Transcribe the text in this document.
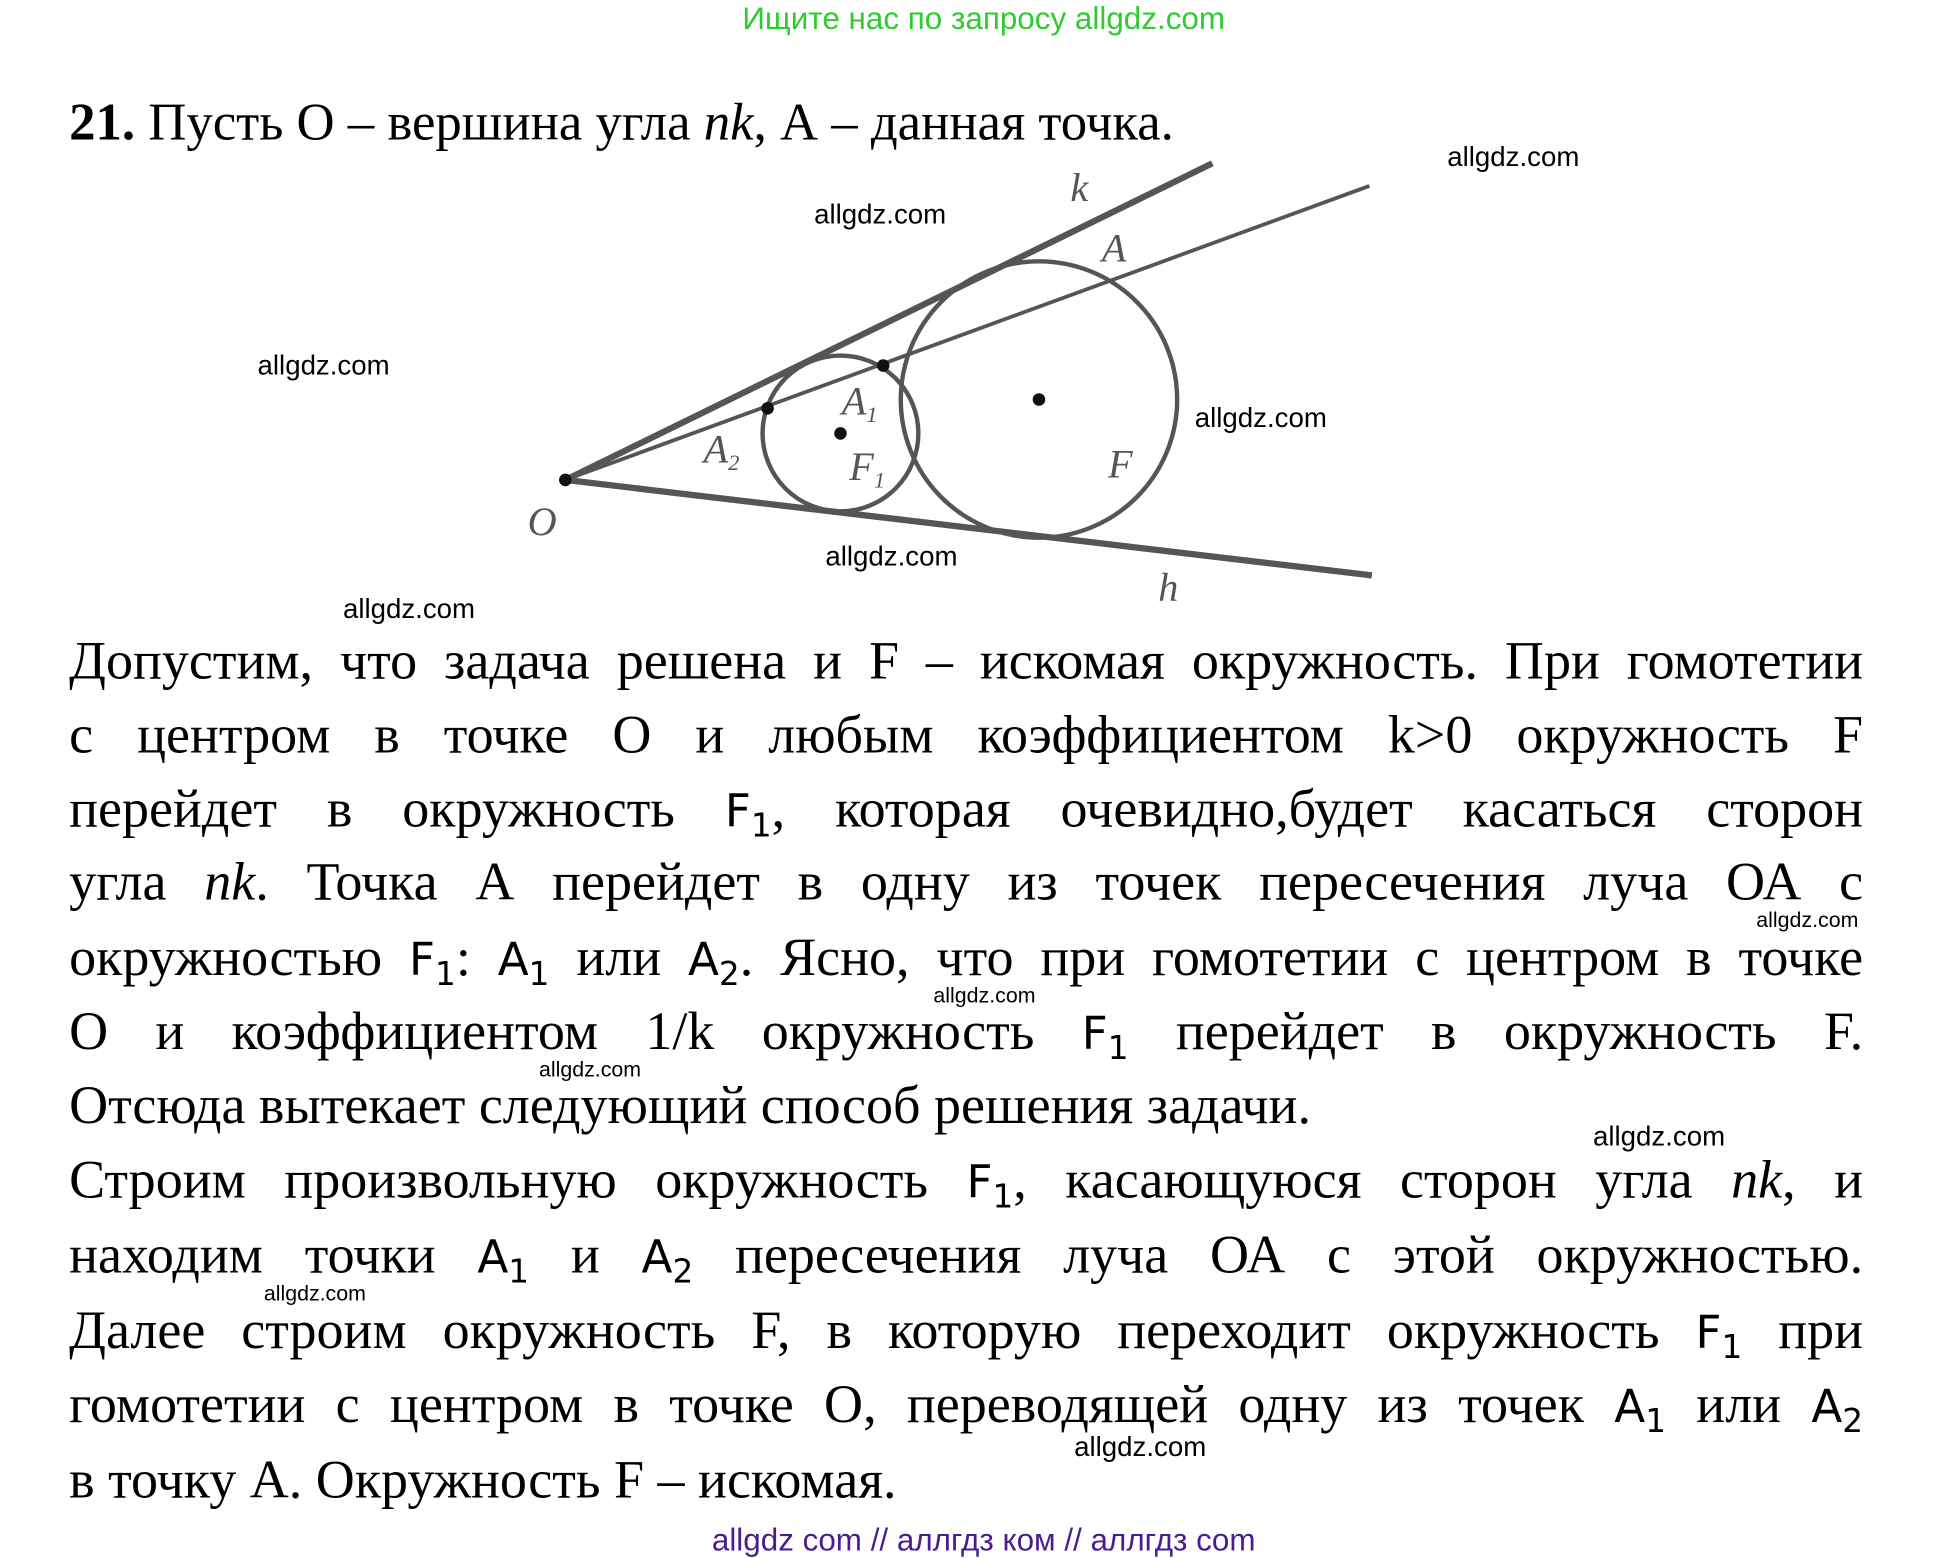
Ищите нас по запросу allgdz.com
21. Пусть О – вершина угла nk, А – данная точка.
k
h
A
A1
A2	F1	F
O
Допустим, что задача решена и F – искомая окружность. При гомотетии
с центром в точке О и любым коэффициентом k>0 окружность F
перейдет в окружность $F_1$, которая очевидно,будет касаться сторон
угла nk. Точка А перейдет в одну из точек пересечения луча ОА с
окружностью $F_1$: $A_1$ или $A_2$. Ясно, что при гомотетии с центром в точке
О и коэффициентом 1/k окружность $F_1$ перейдет в окружность F.
Отсюда вытекает следующий способ решения задачи.
Строим произвольную окружность $F_1$, касающуюся сторон угла nk, и
находим точки $A_1$ и $A_2$ пересечения луча ОА с этой окружностью.
Далее строим окружность F, в которую переходит окружность $F_1$ при
гомотетии с центром в точке О, переводящей одну из точек $A_1$ или $A_2$
в точку А. Окружность F – искомая.
allgdz.com
allgdz.com
allgdz.com
allgdz.com
allgdz.com
allgdz.com
allgdz.com
allgdz.com
allgdz.com
allgdz.com
allgdz.com
allgdz.com
allgdz com // аллгдз ком // аллгдз com
